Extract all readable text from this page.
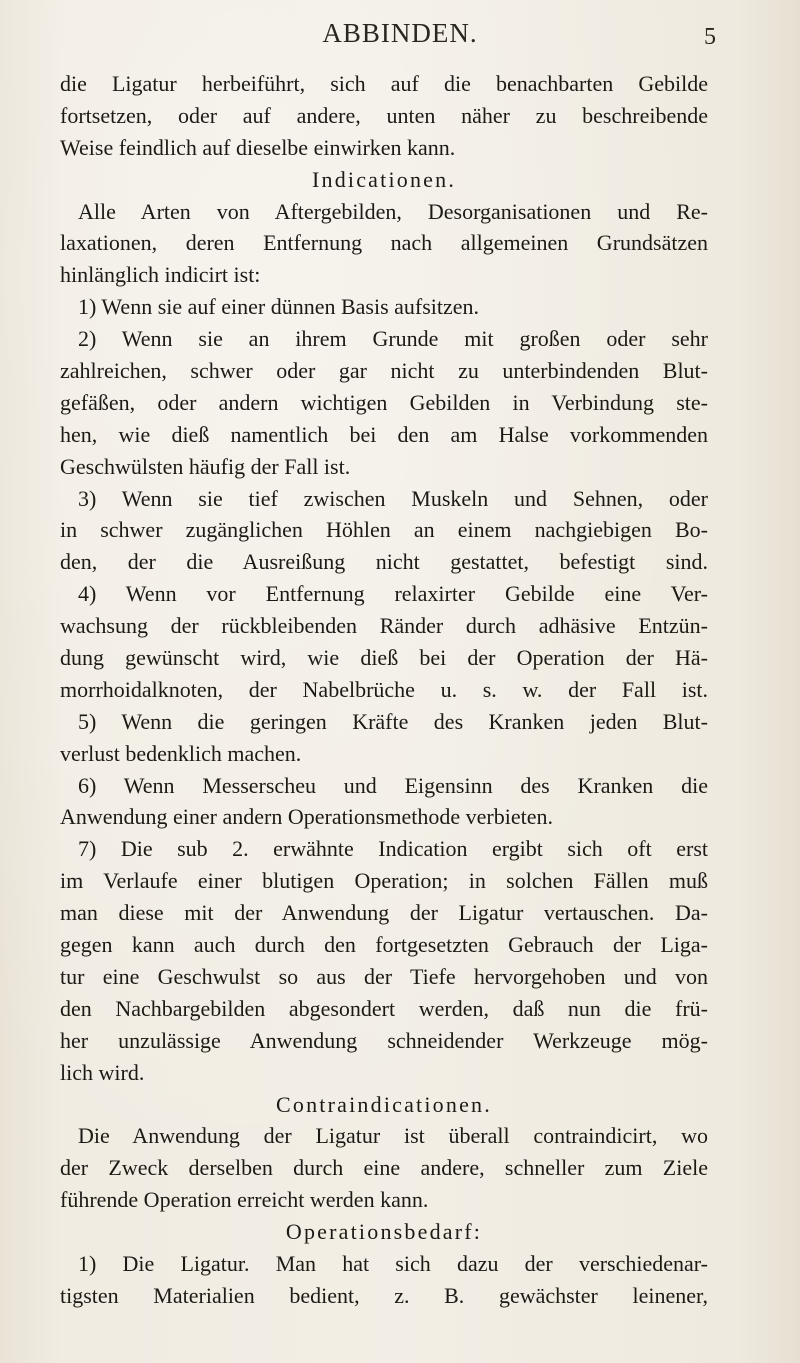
ABBINDEN.	5
die Ligatur herbeiführt, sich auf die benachbarten Gebilde
fortsetzen, oder auf andere, unten näher zu beschreibende
Weise feindlich auf dieselbe einwirken kann.
Indicationen.
Alle Arten von Aftergebilden, Desorganisationen und Re-
laxationen, deren Entfernung nach allgemeinen Grundsätzen
hinlänglich indicirt ist:
1) Wenn sie auf einer dünnen Basis aufsitzen.
2) Wenn sie an ihrem Grunde mit großen oder sehr
zahlreichen, schwer oder gar nicht zu unterbindenden Blut-
gefäßen, oder andern wichtigen Gebilden in Verbindung ste-
hen, wie dieß namentlich bei den am Halse vorkommenden
Geschwülsten häufig der Fall ist.
3) Wenn sie tief zwischen Muskeln und Sehnen, oder
in schwer zugänglichen Höhlen an einem nachgiebigen Bo-
den, der die Ausreißung nicht gestattet, befestigt sind.
4) Wenn vor Entfernung relaxirter Gebilde eine Ver-
wachsung der rückbleibenden Ränder durch adhäsive Entzün-
dung gewünscht wird, wie dieß bei der Operation der Hä-
morrhoidalknoten, der Nabelbrüche u. s. w. der Fall ist.
5) Wenn die geringen Kräfte des Kranken jeden Blut-
verlust bedenklich machen.
6) Wenn Messerscheu und Eigensinn des Kranken die
Anwendung einer andern Operationsmethode verbieten.
7) Die sub 2. erwähnte Indication ergibt sich oft erst
im Verlaufe einer blutigen Operation; in solchen Fällen muß
man diese mit der Anwendung der Ligatur vertauschen. Da-
gegen kann auch durch den fortgesetzten Gebrauch der Liga-
tur eine Geschwulst so aus der Tiefe hervorgehoben und von
den Nachbargebilden abgesondert werden, daß nun die frü-
her unzulässige Anwendung schneidender Werkzeuge mög-
lich wird.
Contraindicationen.
Die Anwendung der Ligatur ist überall contraindicirt, wo
der Zweck derselben durch eine andere, schneller zum Ziele
führende Operation erreicht werden kann.
Operationsbedarf:
1) Die Ligatur. Man hat sich dazu der verschiedenar-
tigsten Materialien bedient, z. B. gewächster leinener,
